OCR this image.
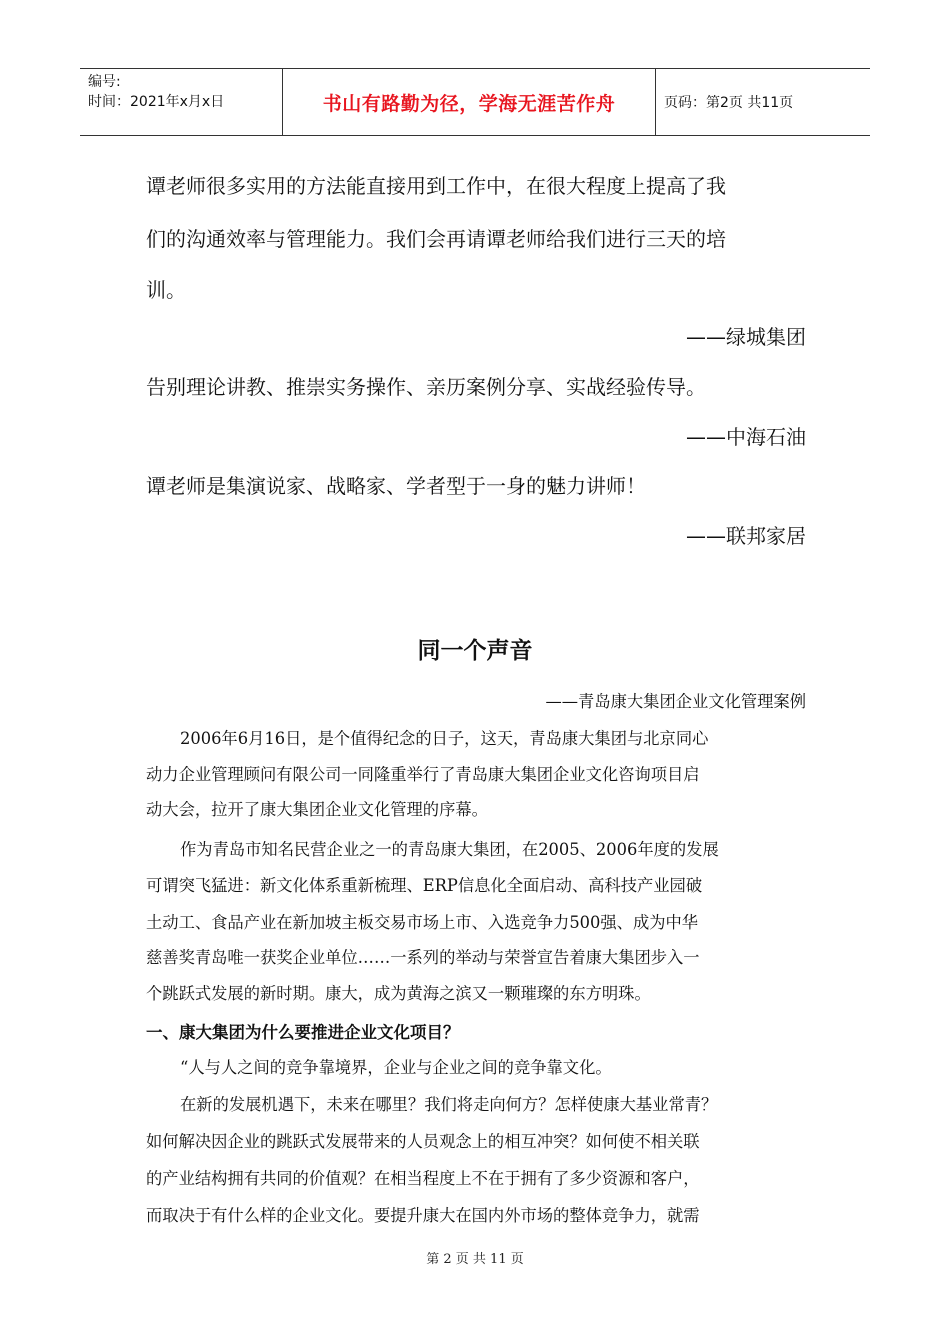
编号:
时间：2021年x月x日	书山有路勤为径，学海无涯苦作舟	页码：第2页 共11页
谭老师很多实用的方法能直接用到工作中，在很大程度上提高了我
们的沟通效率与管理能力。我们会再请谭老师给我们进行三天的培
训。
——绿城集团
告别理论讲教、推崇实务操作、亲历案例分享、实战经验传导。
——中海石油
谭老师是集演说家、战略家、学者型于一身的魅力讲师！
——联邦家居
同一个声音
——青岛康大集团企业文化管理案例
2006年6月16日，是个值得纪念的日子，这天，青岛康大集团与北京同心
动力企业管理顾问有限公司一同隆重举行了青岛康大集团企业文化咨询项目启
动大会，拉开了康大集团企业文化管理的序幕。
作为青岛市知名民营企业之一的青岛康大集团，在2005、2006年度的发展
可谓突飞猛进：新文化体系重新梳理、ERP信息化全面启动、高科技产业园破
土动工、食品产业在新加坡主板交易市场上市、入选竞争力500强、成为中华
慈善奖青岛唯一获奖企业单位……一系列的举动与荣誉宣告着康大集团步入一
个跳跃式发展的新时期。康大，成为黄海之滨又一颗璀璨的东方明珠。
“人与人之间的竞争靠境界，企业与企业之间的竞争靠文化。
在新的发展机遇下，未来在哪里？我们将走向何方？怎样使康大基业常青？
如何解决因企业的跳跃式发展带来的人员观念上的相互冲突？如何使不相关联
的产业结构拥有共同的价值观？在相当程度上不在于拥有了多少资源和客户，
而取决于有什么样的企业文化。要提升康大在国内外市场的整体竞争力，就需
一、康大集团为什么要推进企业文化项目？
第 2 页 共 11 页
